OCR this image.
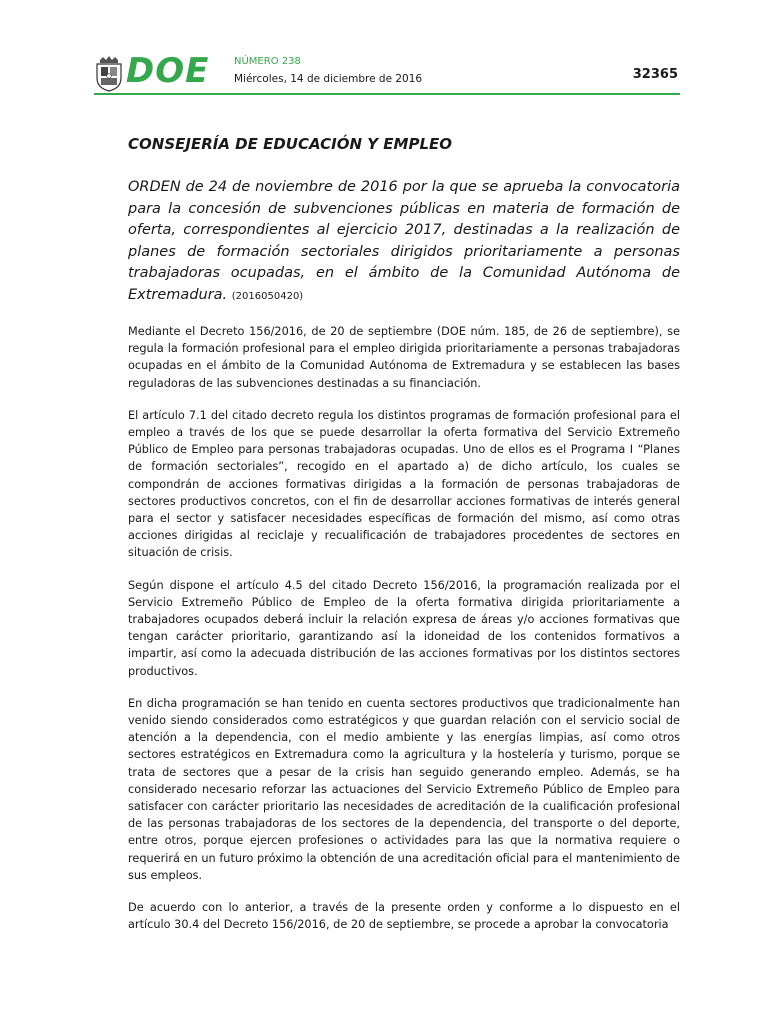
DOE NÚMERO 238
Miércoles, 14 de diciembre de 2016	32365
CONSEJERÍA DE EDUCACIÓN Y EMPLEO
ORDEN de 24 de noviembre de 2016 por la que se aprueba la convocatoria para la concesión de subvenciones públicas en materia de formación de oferta, correspondientes al ejercicio 2017, destinadas a la realización de planes de formación sectoriales dirigidos prioritariamente a personas trabajadoras ocupadas, en el ámbito de la Comunidad Autónoma de Extremadura. (2016050420)

Mediante el Decreto 156/2016, de 20 de septiembre (DOE núm. 185, de 26 de septiembre), se regula la formación profesional para el empleo dirigida prioritariamente a personas trabajadoras ocupadas en el ámbito de la Comunidad Autónoma de Extremadura y se establecen las bases reguladoras de las subvenciones destinadas a su financiación.

El artículo 7.1 del citado decreto regula los distintos programas de formación profesional para el empleo a través de los que se puede desarrollar la oferta formativa del Servicio Extremeño Público de Empleo para personas trabajadoras ocupadas. Uno de ellos es el Programa I “Planes de formación sectoriales”, recogido en el apartado a) de dicho artículo, los cuales se compondrán de acciones formativas dirigidas a la formación de personas trabajadoras de sectores productivos concretos, con el fin de desarrollar acciones formativas de interés general para el sector y satisfacer necesidades específicas de formación del mismo, así como otras acciones dirigidas al reciclaje y recualificación de trabajadores procedentes de sectores en situación de crisis.

Según dispone el artículo 4.5 del citado Decreto 156/2016, la programación realizada por el Servicio Extremeño Público de Empleo de la oferta formativa dirigida prioritariamente a trabajadores ocupados deberá incluir la relación expresa de áreas y/o acciones formativas que tengan carácter prioritario, garantizando así la idoneidad de los contenidos formativos a impartir, así como la adecuada distribución de las acciones formativas por los distintos sectores productivos.

En dicha programación se han tenido en cuenta sectores productivos que tradicionalmente han venido siendo considerados como estratégicos y que guardan relación con el servicio social de atención a la dependencia, con el medio ambiente y las energías limpias, así como otros sectores estratégicos en Extremadura como la agricultura y la hostelería y turismo, porque se trata de sectores que a pesar de la crisis han seguido generando empleo. Además, se ha considerado necesario reforzar las actuaciones del Servicio Extremeño Público de Empleo para satisfacer con carácter prioritario las necesidades de acreditación de la cualificación profesional de las personas trabajadoras de los sectores de la dependencia, del transporte o del deporte, entre otros, porque ejercen profesiones o actividades para las que la normativa requiere o requerirá en un futuro próximo la obtención de una acreditación oficial para el mantenimiento de sus empleos.

De acuerdo con lo anterior, a través de la presente orden y conforme a lo dispuesto en el artículo 30.4 del Decreto 156/2016, de 20 de septiembre, se procede a aprobar la convocatoria
